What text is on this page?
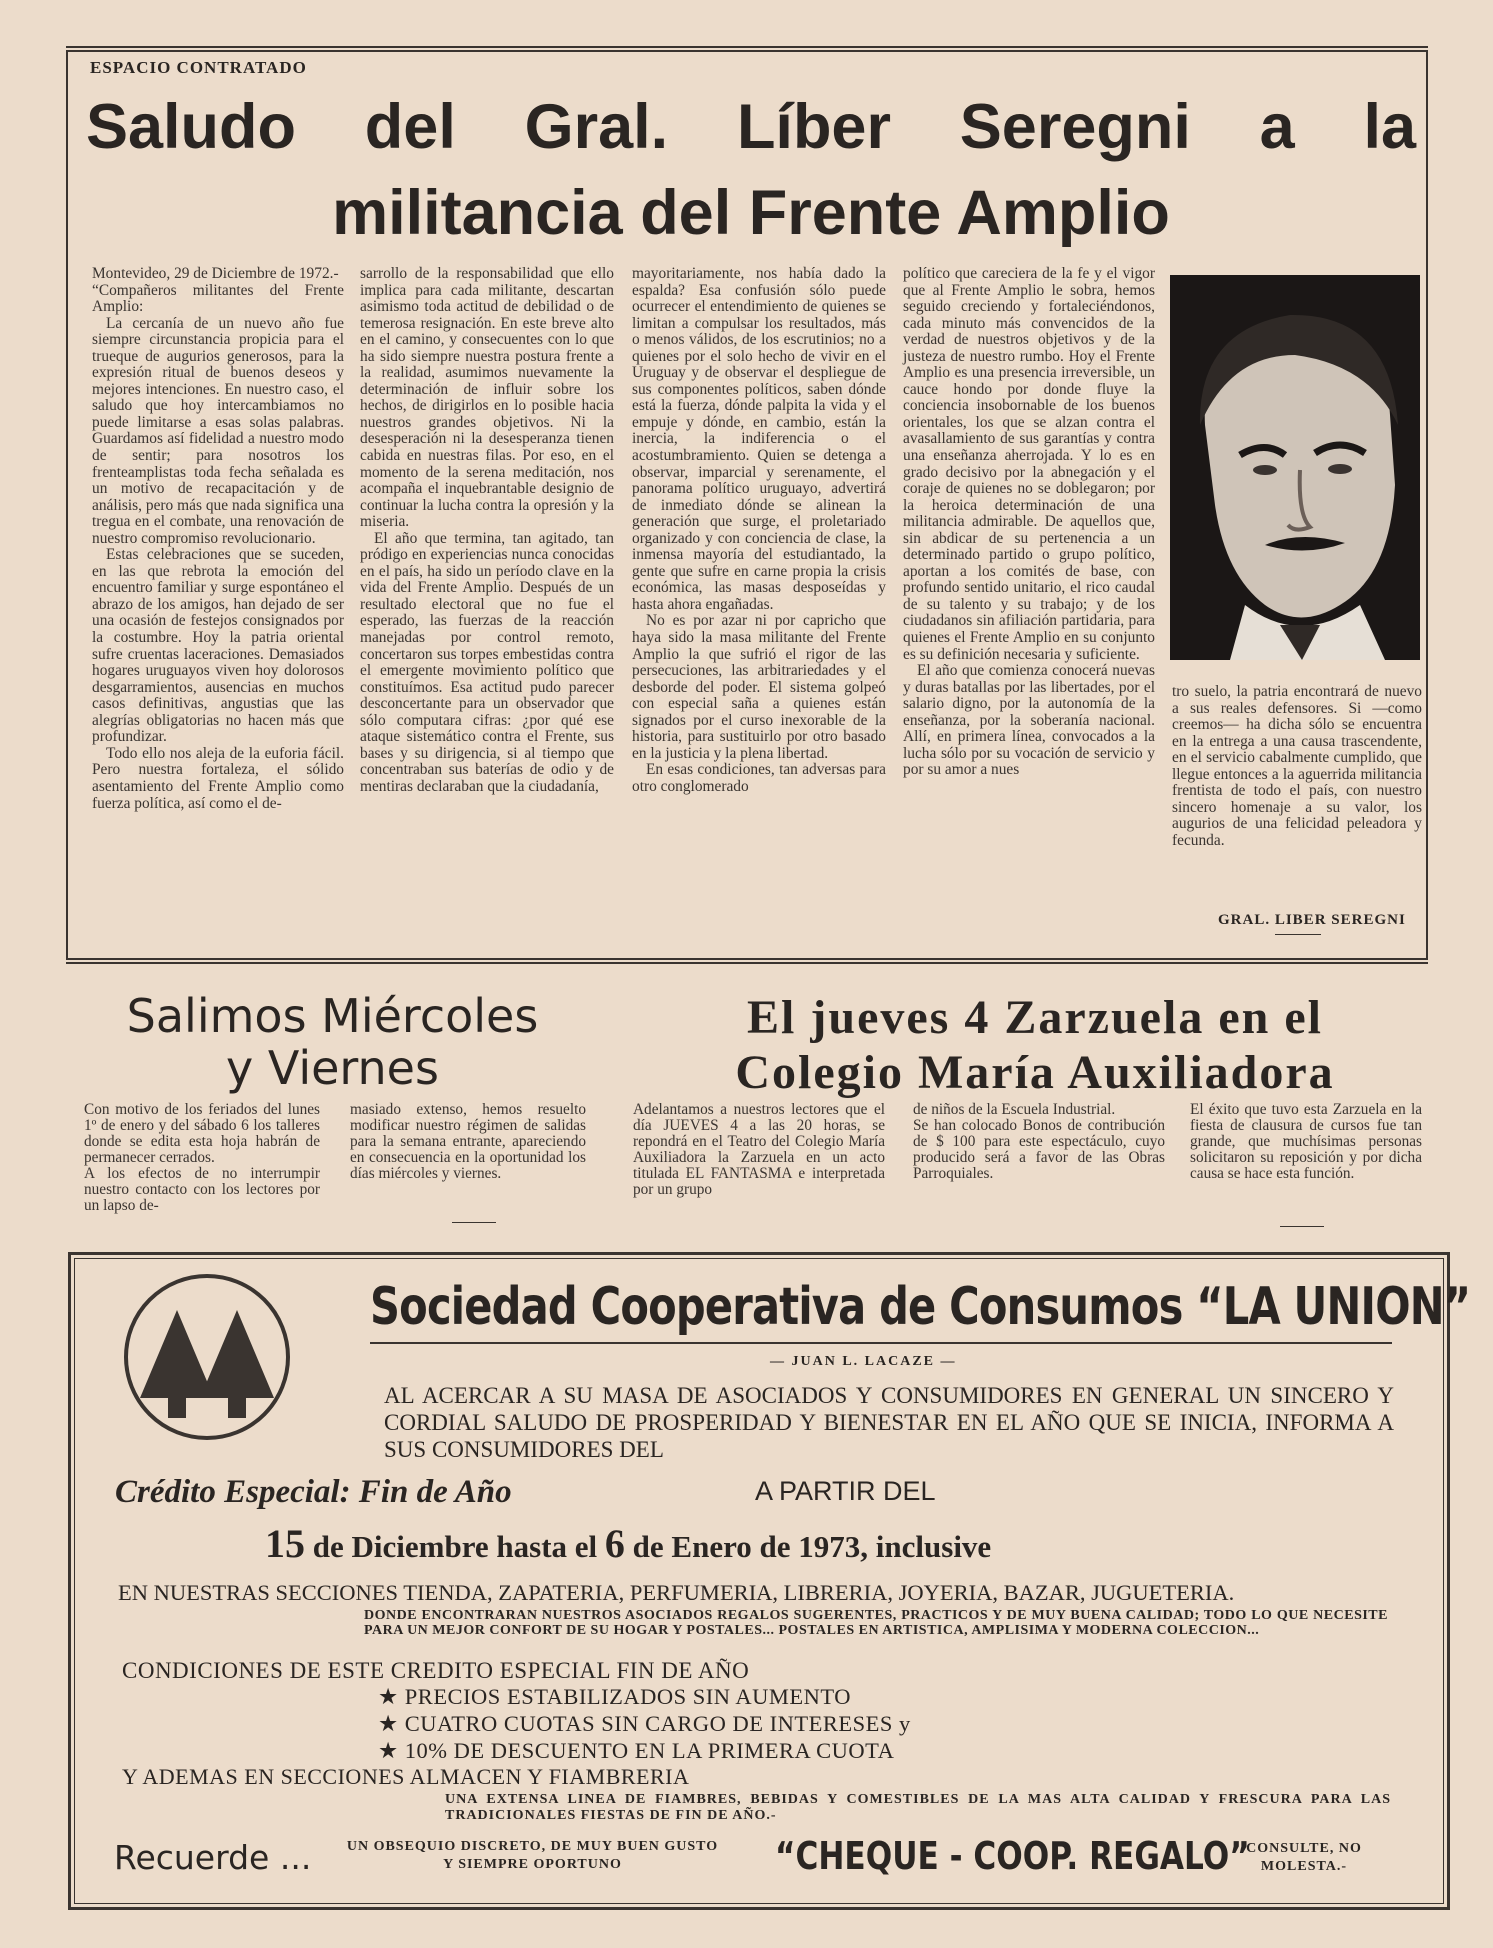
ESPACIO CONTRATADO
Saludo del Gral. Líber Seregni a la militancia del Frente Amplio

Montevideo, 29 de Diciembre de 1972.-

“Compañeros militantes del Frente Amplio:

La cercanía de un nuevo año fue siempre circunstancia propicia para el trueque de augurios generosos, para la expresión ritual de buenos deseos y mejores intenciones. En nuestro caso, el saludo que hoy intercambiamos no puede limitarse a esas solas palabras. Guardamos así fidelidad a nuestro modo de sentir; para nosotros los frenteamplistas toda fecha señalada es un motivo de recapacitación y de análisis, pero más que nada significa una tregua en el combate, una renovación de nuestro compromiso revolucionario.

Estas celebraciones que se suceden, en las que rebrota la emoción del encuentro familiar y surge espontáneo el abrazo de los amigos, han dejado de ser una ocasión de festejos consignados por la costumbre. Hoy la patria oriental sufre cruentas laceraciones. Demasiados hogares uruguayos viven hoy dolorosos desgarramientos, ausencias en muchos casos definitivas, angustias que las alegrías obligatorias no hacen más que profundizar.

Todo ello nos aleja de la euforia fácil. Pero nuestra fortaleza, el sólido asentamiento del Frente Amplio como fuerza política, así como el de-

sarrollo de la responsabilidad que ello implica para cada militante, descartan asimismo toda actitud de debilidad o de temerosa resignación. En este breve alto en el camino, y consecuentes con lo que ha sido siempre nuestra postura frente a la realidad, asumimos nuevamente la determinación de influir sobre los hechos, de dirigirlos en lo posible hacia nuestros grandes objetivos. Ni la desesperación ni la desesperanza tienen cabida en nuestras filas. Por eso, en el momento de la serena meditación, nos acompaña el inquebrantable designio de continuar la lucha contra la opresión y la miseria.

El año que termina, tan agitado, tan pródigo en experiencias nunca conocidas en el país, ha sido un período clave en la vida del Frente Amplio. Después de un resultado electoral que no fue el esperado, las fuerzas de la reacción manejadas por control remoto, concertaron sus torpes embestidas contra el emergente movimiento político que constituímos. Esa actitud pudo parecer desconcertante para un observador que sólo computara cifras: ¿por qué ese ataque sistemático contra el Frente, sus bases y su dirigencia, si al tiempo que concentraban sus baterías de odio y de mentiras declaraban que la ciudadanía,

mayoritariamente, nos había dado la espalda? Esa confusión sólo puede ocurrecer el entendimiento de quienes se limitan a compulsar los resultados, más o menos válidos, de los escrutinios; no a quienes por el solo hecho de vivir en el Uruguay y de observar el despliegue de sus componentes políticos, saben dónde está la fuerza, dónde palpita la vida y el empuje y dónde, en cambio, están la inercia, la indiferencia o el acostumbramiento. Quien se detenga a observar, imparcial y serenamente, el panorama político uruguayo, advertirá de inmediato dónde se alinean la generación que surge, el proletariado organizado y con conciencia de clase, la inmensa mayoría del estudiantado, la gente que sufre en carne propia la crisis económica, las masas desposeídas y hasta ahora engañadas.

No es por azar ni por capricho que haya sido la masa militante del Frente Amplio la que sufrió el rigor de las persecuciones, las arbitrariedades y el desborde del poder. El sistema golpeó con especial saña a quienes están signados por el curso inexorable de la historia, para sustituirlo por otro basado en la justicia y la plena libertad.

En esas condiciones, tan adversas para otro conglomerado

político que careciera de la fe y el vigor que al Frente Amplio le sobra, hemos seguido creciendo y fortaleciéndonos, cada minuto más convencidos de la verdad de nuestros objetivos y de la justeza de nuestro rumbo. Hoy el Frente Amplio es una presencia irreversible, un cauce hondo por donde fluye la conciencia insobornable de los buenos orientales, los que se alzan contra el avasallamiento de sus garantías y contra una enseñanza aherrojada. Y lo es en grado decisivo por la abnegación y el coraje de quienes no se doblegaron; por la heroica determinación de una militancia admirable. De aquellos que, sin abdicar de su pertenencia a un determinado partido o grupo político, aportan a los comités de base, con profundo sentido unitario, el rico caudal de su talento y su trabajo; y de los ciudadanos sin afiliación partidaria, para quienes el Frente Amplio en su conjunto es su definición necesaria y suficiente.

El año que comienza conocerá nuevas y duras batallas por las libertades, por el salario digno, por la autonomía de la enseñanza, por la soberanía nacional. Allí, en primera línea, convocados a la lucha sólo por su vocación de servicio y por su amor a nues

tro suelo, la patria encontrará de nuevo a sus reales defensores. Si —como creemos— ha dicha sólo se encuentra en la entrega a una causa trascendente, en el servicio cabalmente cumplido, que llegue entonces a la aguerrida militancia frentista de todo el país, con nuestro sincero homenaje a su valor, los augurios de una felicidad peleadora y fecunda.

GRAL. LIBER SEREGNI
Salimos Miércoles
y Viernes
Con motivo de los feriados del lunes 1º de enero y del sábado 6 los talleres donde se edita esta hoja habrán de permanecer cerrados.
A los efectos de no interrumpir nuestro contacto con los lectores por un lapso de-
masiado extenso, hemos resuelto modificar nuestro régimen de salidas para la semana entrante, apareciendo en consecuencia en la oportunidad los días miércoles y viernes.
El jueves 4 Zarzuela en el
Colegio María Auxiliadora
Adelantamos a nuestros lectores que el día JUEVES 4 a las 20 horas, se repondrá en el Teatro del Colegio María Auxiliadora la Zarzuela en un acto titulada EL FANTASMA e interpretada por un grupo
de niños de la Escuela Industrial.
Se han colocado Bonos de contribución de $ 100 para este espectáculo, cuyo producido será a favor de las Obras Parroquiales.
El éxito que tuvo esta Zarzuela en la fiesta de clausura de cursos fue tan grande, que muchísimas personas solicitaron su reposición y por dicha causa se hace esta función.
Sociedad Cooperativa de Consumos “LA UNION”
— JUAN L. LACAZE —
AL ACERCAR A SU MASA DE ASOCIADOS Y CONSUMIDORES EN GENERAL UN SINCERO Y CORDIAL SALUDO DE PROSPERIDAD Y BIENESTAR EN EL AÑO QUE SE INICIA, INFORMA A SUS CONSUMIDORES DEL
Crédito Especial: Fin de Año	A PARTIR DEL
15 de Diciembre hasta el 6 de Enero de 1973, inclusive
EN NUESTRAS SECCIONES TIENDA, ZAPATERIA, PERFUMERIA, LIBRERIA, JOYERIA, BAZAR, JUGUETERIA.
DONDE ENCONTRARAN NUESTROS ASOCIADOS REGALOS SUGERENTES, PRACTICOS Y DE MUY BUENA CALIDAD; TODO LO QUE NECESITE PARA UN MEJOR CONFORT DE SU HOGAR Y POSTALES... POSTALES EN ARTISTICA, AMPLISIMA Y MODERNA COLECCION...
CONDICIONES DE ESTE CREDITO ESPECIAL FIN DE AÑO
★ PRECIOS ESTABILIZADOS SIN AUMENTO
★ CUATRO CUOTAS SIN CARGO DE INTERESES y
★ 10% DE DESCUENTO EN LA PRIMERA CUOTA
Y ADEMAS EN SECCIONES ALMACEN Y FIAMBRERIA
UNA EXTENSA LINEA DE FIAMBRES, BEBIDAS Y COMESTIBLES DE LA MAS ALTA CALIDAD Y FRESCURA PARA LAS TRADICIONALES FIESTAS DE FIN DE AÑO.-
Recuerde ...	UN OBSEQUIO DISCRETO, DE MUY BUEN GUSTO Y SIEMPRE OPORTUNO	“CHEQUE - COOP. REGALO”
CONSULTE, NO MOLESTA.-
